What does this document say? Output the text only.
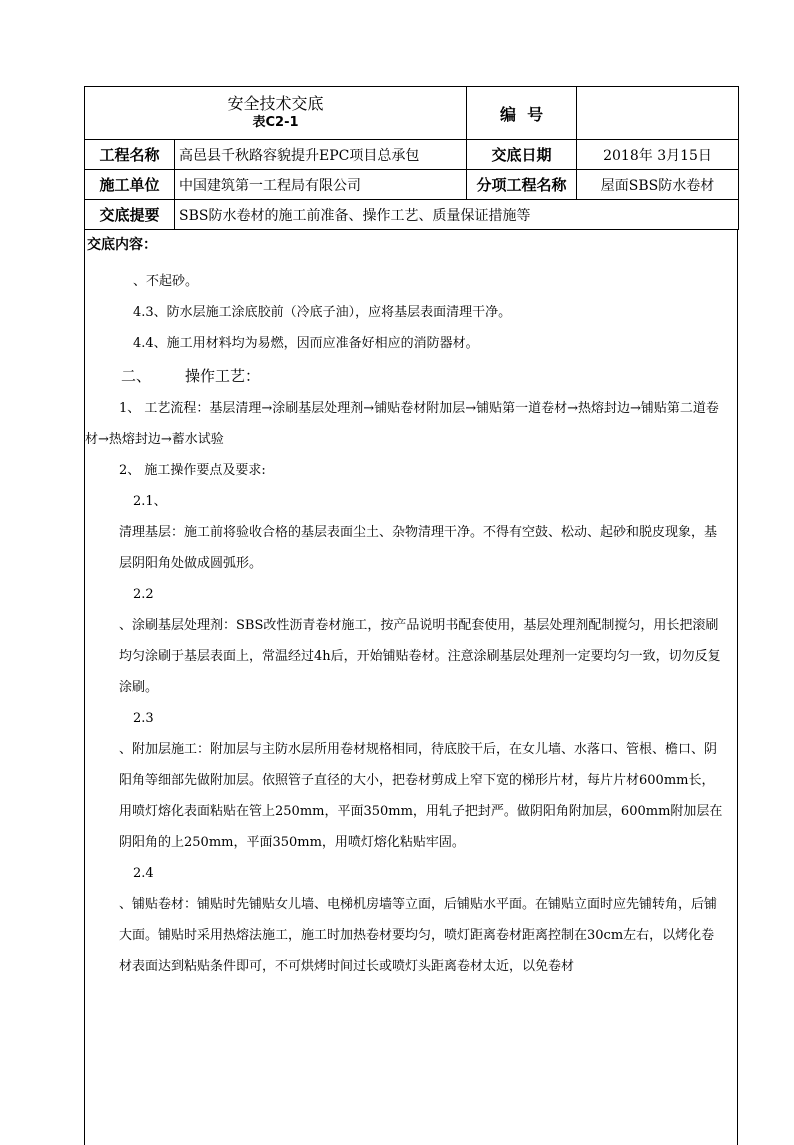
安全技术交底
表C2-1		编  号	
工程名称	高邑县千秋路容貌提升EPC项目总承包	交底日期	2018年 3月15日
施工单位	中国建筑第一工程局有限公司	分项工程名称	屋面SBS防水卷材
交底提要	SBS防水卷材的施工前准备、操作工艺、质量保证措施等		
交底内容：
、不起砂。
4.3、防水层施工涂底胶前（冷底子油），应将基层表面清理干净。
4.4、施工用材料均为易燃，因而应准备好相应的消防器材。
二、 操作工艺：
1、 工艺流程：基层清理→涂刷基层处理剂→铺贴卷材附加层→铺贴第一道卷材→热熔封边→铺贴第二道卷材→热熔封边→蓄水试验
2、 施工操作要点及要求:
2.1、
清理基层：施工前将验收合格的基层表面尘土、杂物清理干净。不得有空鼓、松动、起砂和脱皮现象，基层阴阳角处做成圆弧形。
2.2
、涂刷基层处理剂：SBS改性沥青卷材施工，按产品说明书配套使用，基层处理剂配制搅匀，用长把滚刷均匀涂刷于基层表面上，常温经过4h后，开始铺贴卷材。注意涂刷基层处理剂一定要均匀一致，切勿反复涂刷。
2.3
、附加层施工：附加层与主防水层所用卷材规格相同，待底胶干后，在女儿墙、水落口、管根、檐口、阴阳角等细部先做附加层。依照管子直径的大小，把卷材剪成上窄下宽的梯形片材，每片片材600mm长，用喷灯熔化表面粘贴在管上250mm，平面350mm，用轧子把封严。做阴阳角附加层，600mm附加层在阴阳角的上250mm，平面350mm，用喷灯熔化粘贴牢固。
2.4
、铺贴卷材：铺贴时先铺贴女儿墙、电梯机房墙等立面，后铺贴水平面。在铺贴立面时应先铺转角，后铺大面。铺贴时采用热熔法施工，施工时加热卷材要均匀，喷灯距离卷材距离控制在30cm左右，以烤化卷材表面达到粘贴条件即可，不可烘烤时间过长或喷灯头距离卷材太近，以免卷材
